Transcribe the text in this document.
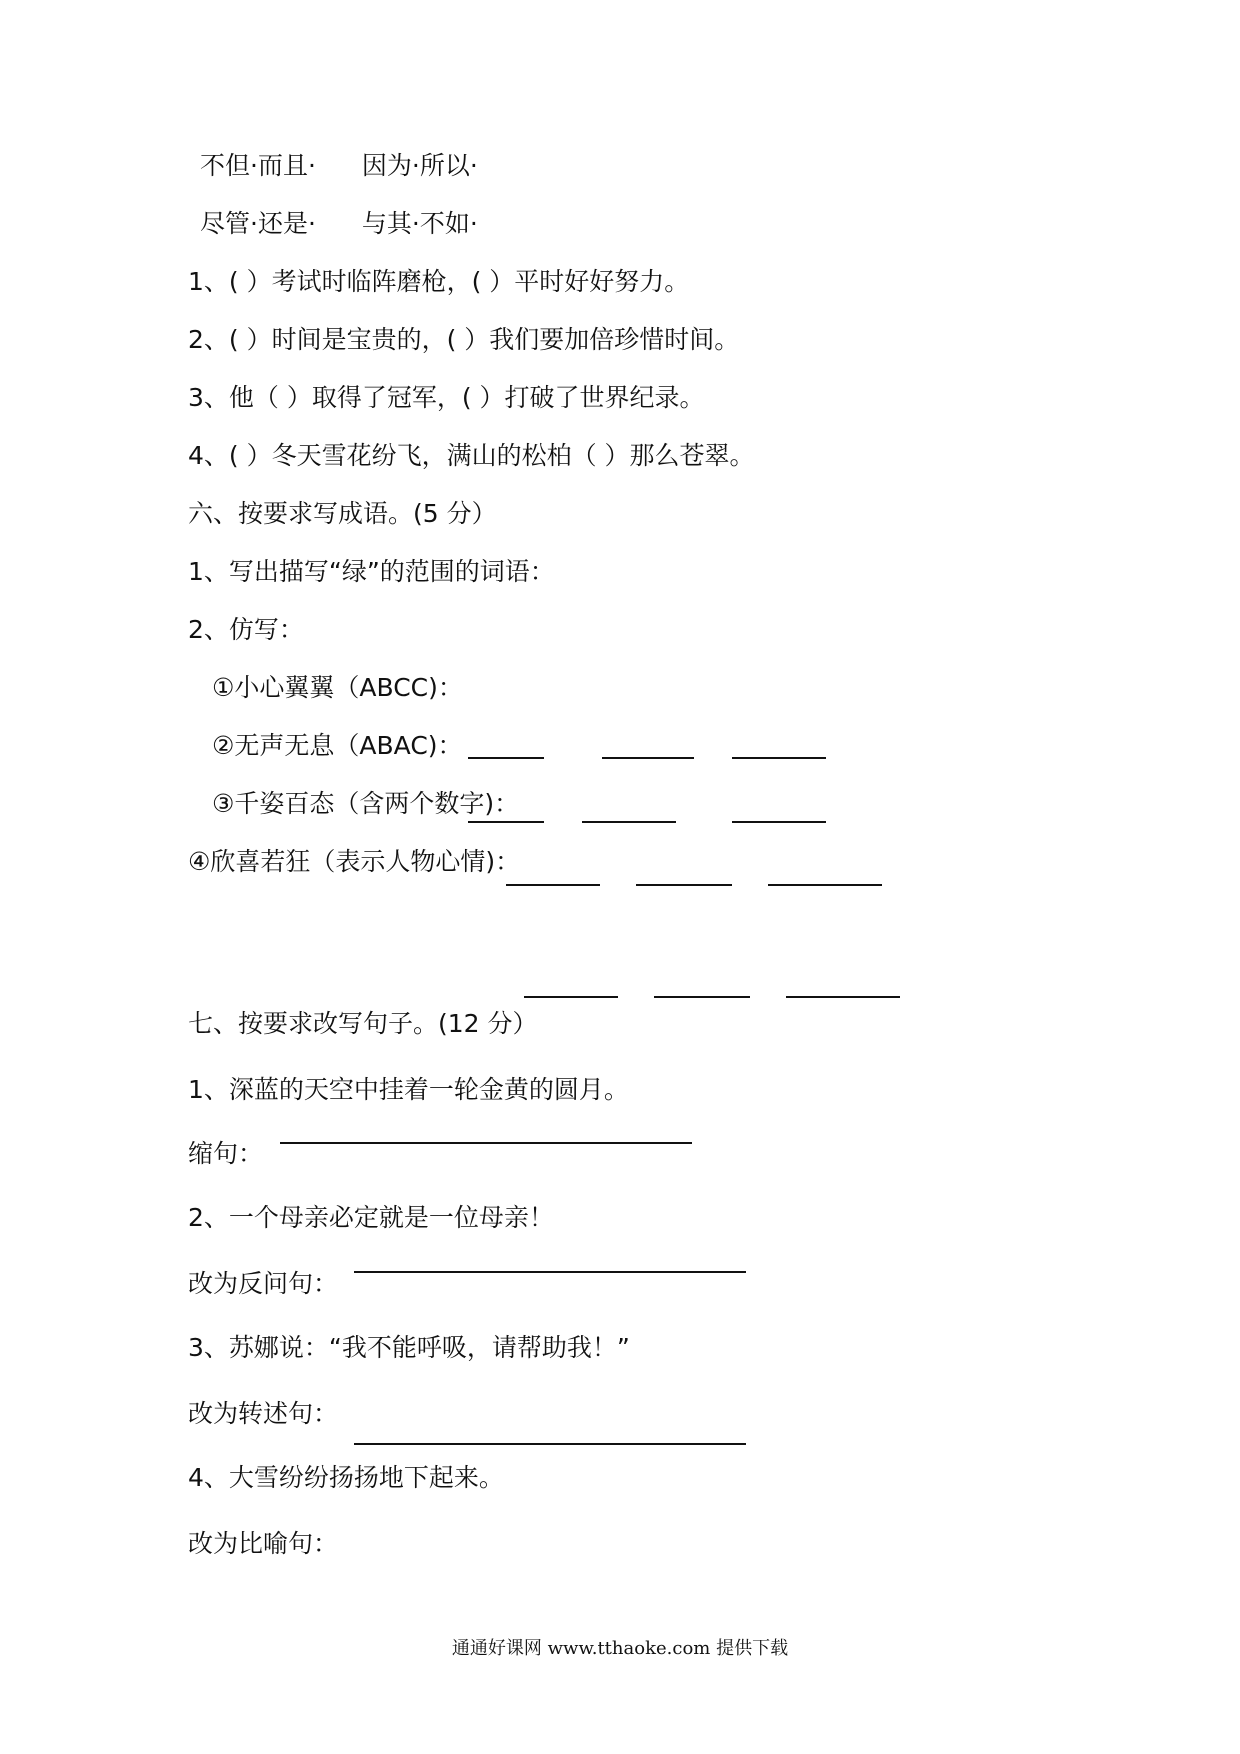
不但·而且· 因为·所以·
尽管·还是· 与其·不如·
1、( ）考试时临阵磨枪，( ）平时好好努力。
2、( ）时间是宝贵的，( ）我们要加倍珍惜时间。
3、他（ ）取得了冠军，( ）打破了世界纪录。
4、( ）冬天雪花纷飞，满山的松柏（ ）那么苍翠。
六、按要求写成语。(5 分）
1、写出描写“绿”的范围的词语：
2、仿写：
①小心翼翼（ABCC)：
②无声无息（ABAC)：
③千姿百态（含两个数字)：
④欣喜若狂（表示人物心情)：
七、按要求改写句子。(12 分）
1、深蓝的天空中挂着一轮金黄的圆月。
缩句：
2、一个母亲必定就是一位母亲！
改为反问句：
3、苏娜说：“我不能呼吸，请帮助我！”
改为转述句：
4、大雪纷纷扬扬地下起来。
改为比喻句：
通通好课网 www.tthaoke.com 提供下载
